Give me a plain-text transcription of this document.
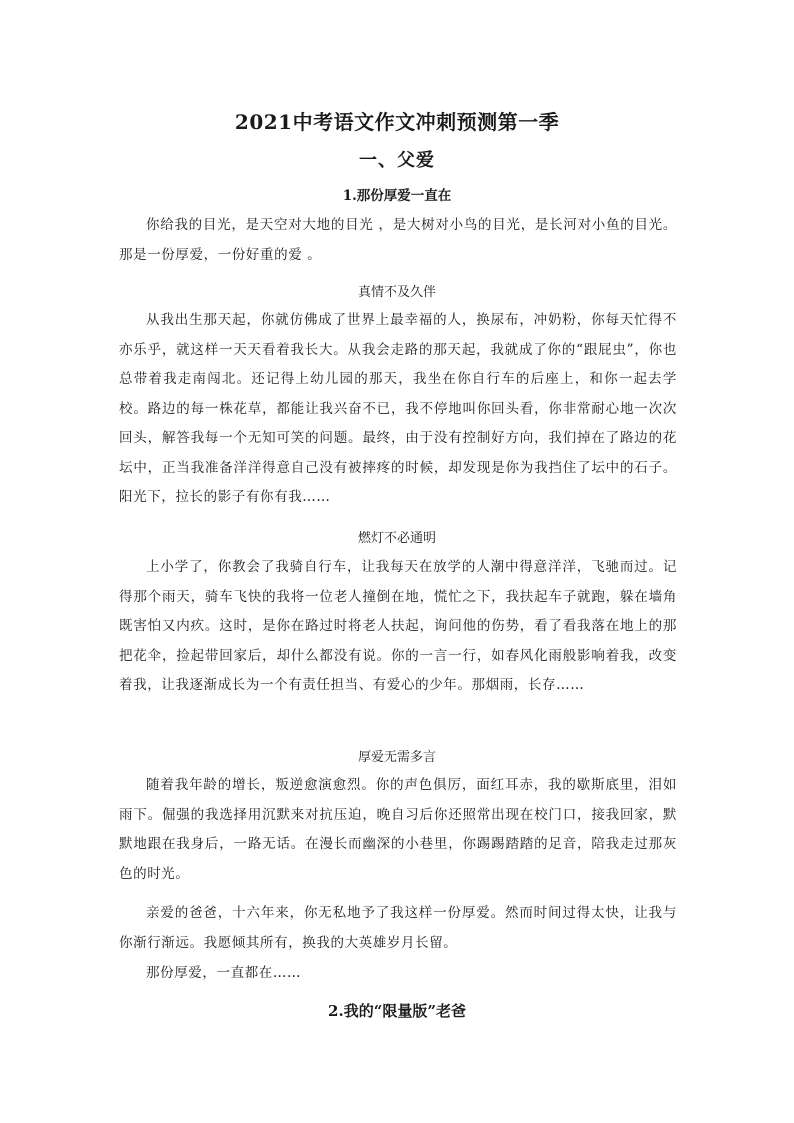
2021中考语文作文冲刺预测第一季
一、父爱
1.那份厚爱一直在
你给我的目光，是天空对大地的目光 ，是大树对小鸟的目光，是长河对小鱼的目光。那是一份厚爱，一份好重的爱 。
真情不及久伴
从我出生那天起，你就仿佛成了世界上最幸福的人，换尿布，冲奶粉，你每天忙得不亦乐乎，就这样一天天看着我长大。从我会走路的那天起，我就成了你的“跟屁虫”，你也总带着我走南闯北。还记得上幼儿园的那天，我坐在你自行车的后座上，和你一起去学校。路边的每一株花草，都能让我兴奋不已，我不停地叫你回头看，你非常耐心地一次次回头，解答我每一个无知可笑的问题。最终，由于没有控制好方向，我们掉在了路边的花坛中，正当我准备洋洋得意自己没有被摔疼的时候，却发现是你为我挡住了坛中的石子。阳光下，拉长的影子有你有我……
燃灯不必通明
上小学了，你教会了我骑自行车，让我每天在放学的人潮中得意洋洋，飞驰而过。记得那个雨天，骑车飞快的我将一位老人撞倒在地，慌忙之下，我扶起车子就跑，躲在墙角既害怕又内疚。这时，是你在路过时将老人扶起，询问他的伤势，看了看我落在地上的那把花伞，捡起带回家后，却什么都没有说。你的一言一行，如春风化雨般影响着我，改变着我，让我逐渐成长为一个有责任担当、有爱心的少年。那烟雨，长存……
厚爱无需多言
随着我年龄的增长，叛逆愈演愈烈。你的声色俱厉，面红耳赤，我的歇斯底里，泪如雨下。倔强的我选择用沉默来对抗压迫，晚自习后你还照常出现在校门口，接我回家，默默地跟在我身后，一路无话。在漫长而幽深的小巷里，你踢踢踏踏的足音，陪我走过那灰色的时光。
亲爱的爸爸，十六年来，你无私地予了我这样一份厚爱。然而时间过得太快，让我与你渐行渐远。我愿倾其所有，换我的大英雄岁月长留。
那份厚爱，一直都在……
2.我的“限量版”老爸
